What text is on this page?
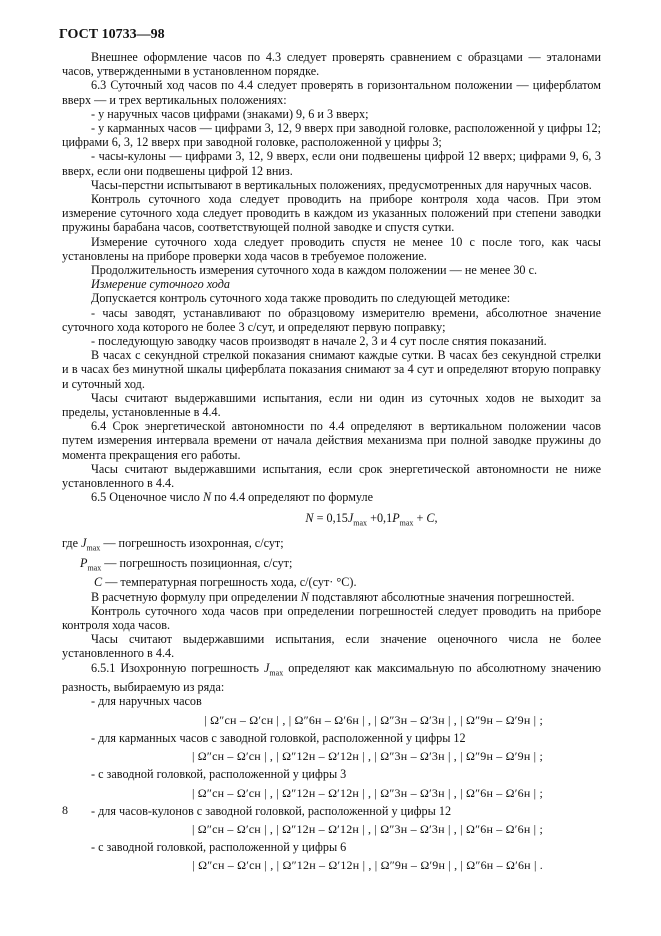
ГОСТ 10733—98

Внешнее оформление часов по 4.3 следует проверять сравнением с образцами — эталонами часов, утвержденными в установленном порядке.

6.3 Суточный ход часов по 4.4 следует проверять в горизонтальном положении — циферблатом вверх — и трех вертикальных положениях:

- у наручных часов цифрами (знаками) 9, 6 и 3 вверх;

- у карманных часов — цифрами 3, 12, 9 вверх при заводной головке, расположенной у цифры 12; цифрами 6, 3, 12 вверх при заводной головке, расположенной у цифры 3;

- часы-кулоны — цифрами 3, 12, 9 вверх, если они подвешены цифрой 12 вверх; цифрами 9, 6, 3 вверх, если они подвешены цифрой 12 вниз.

Часы-перстни испытывают в вертикальных положениях, предусмотренных для наручных часов.

Контроль суточного хода следует проводить на приборе контроля хода часов. При этом измерение суточного хода следует проводить в каждом из указанных положений при степени заводки пружины барабана часов, соответствующей полной заводке и спустя сутки.

Измерение суточного хода следует проводить спустя не менее 10 с после того, как часы установлены на приборе проверки хода часов в требуемое положение.

Продолжительность измерения суточного хода в каждом положении — не менее 30 с.

Измерение суточного хода

Допускается контроль суточного хода также проводить по следующей методике:

- часы заводят, устанавливают по образцовому измерителю времени, абсолютное значение суточного хода которого не более 3 с/сут, и определяют первую поправку;

- последующую заводку часов производят в начале 2, 3 и 4 сут после снятия показаний.

В часах с секундной стрелкой показания снимают каждые сутки. В часах без секундной стрелки и в часах без минутной шкалы циферблата показания снимают за 4 сут и определяют вторую поправку и суточный ход.

Часы считают выдержавшими испытания, если ни один из суточных ходов не выходит за пределы, установленные в 4.4.

6.4 Срок энергетической автономности по 4.4 определяют в вертикальном положении часов путем измерения интервала времени от начала действия механизма при полной заводке пружины до момента прекращения его работы.

Часы считают выдержавшими испытания, если срок энергетической автономности не ниже установленного в 4.4.

6.5 Оценочное число N по 4.4 определяют по формуле

$N = 0,15J_{max} +0,1P_{max} + C$,

где $J_{max}$ — погрешность изохронная, с/сут;

$P_{max}$ — погрешность позиционная, с/сут;

C — температурная погрешность хода, с/(сут· °C).

В расчетную формулу при определении N подставляют абсолютные значения погрешностей.

Контроль суточного хода часов при определении погрешностей следует проводить на приборе контроля хода часов.

Часы считают выдержавшими испытания, если значение оценочного числа не более установленного в 4.4.

6.5.1 Изохронную погрешность $J_{max}$ определяют как максимальную по абсолютному значению разность, выбираемую из ряда:

- для наручных часов

| Ω″сн – Ω′сн | , | Ω″6н – Ω′6н | , | Ω″3н – Ω′3н | , | Ω″9н – Ω′9н | ;

- для карманных часов с заводной головкой, расположенной у цифры 12

| Ω″сн – Ω′сн | , | Ω″12н – Ω′12н | , | Ω″3н – Ω′3н | , | Ω″9н – Ω′9н | ;

- с заводной головкой, расположенной у цифры 3

| Ω″сн – Ω′сн | , | Ω″12н – Ω′12н | , | Ω″3н – Ω′3н | , | Ω″6н – Ω′6н | ;

- для часов-кулонов с заводной головкой, расположенной у цифры 12

| Ω″сн – Ω′сн | , | Ω″12н – Ω′12н | , | Ω″3н – Ω′3н | , | Ω″6н – Ω′6н | ;

- с заводной головкой, расположенной у цифры 6

| Ω″сн – Ω′сн | , | Ω″12н – Ω′12н | , | Ω″9н – Ω′9н | , | Ω″6н – Ω′6н | .

8
